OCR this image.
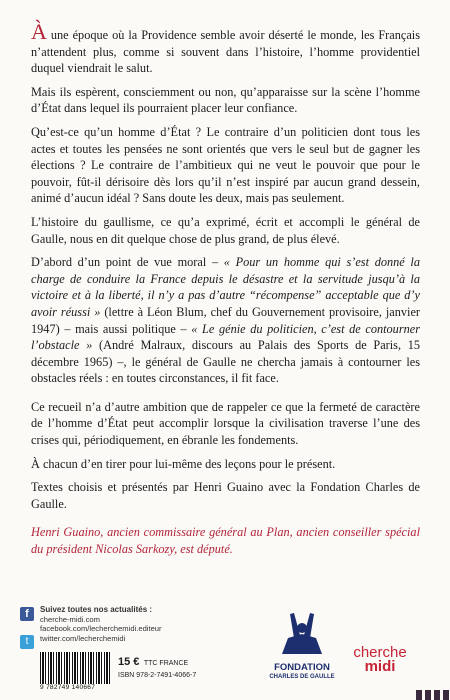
À une époque où la Providence semble avoir déserté le monde, les Français n’attendent plus, comme si souvent dans l’histoire, l’homme providentiel duquel viendrait le salut.

Mais ils espèrent, consciemment ou non, qu’apparaisse sur la scène l’homme d’État dans lequel ils pourraient placer leur confiance.

Qu’est-ce qu’un homme d’État ? Le contraire d’un politicien dont tous les actes et toutes les pensées ne sont orientés que vers le seul but de gagner les élections ? Le contraire de l’ambitieux qui ne veut le pouvoir que pour le pouvoir, fût-il dérisoire dès lors qu’il n’est inspiré par aucun grand dessein, animé d’aucun idéal ? Sans doute les deux, mais pas seulement.

L’histoire du gaullisme, ce qu’a exprimé, écrit et accompli le général de Gaulle, nous en dit quelque chose de plus grand, de plus élevé.

D’abord d’un point de vue moral – « Pour un homme qui s’est donné la charge de conduire la France depuis le désastre et la servitude jusqu’à la victoire et à la liberté, il n’y a pas d’autre “récompense” acceptable que d’y avoir réussi » (lettre à Léon Blum, chef du Gouvernement provisoire, janvier 1947) – mais aussi politique – « Le génie du politicien, c’est de contourner l’obstacle » (André Malraux, discours au Palais des Sports de Paris, 15 décembre 1965) –, le général de Gaulle ne chercha jamais à contourner les obstacles réels : en toutes circonstances, il fit face.

Ce recueil n’a d’autre ambition que de rappeler ce que la fermeté de caractère de l’homme d’État peut accomplir lorsque la civilisation traverse l’une des crises qui, périodiquement, en ébranle les fondements.

À chacun d’en tirer pour lui-même des leçons pour le présent.

Textes choisis et présentés par Henri Guaino avec la Fondation Charles de Gaulle.

Henri Guaino, ancien commissaire général au Plan, ancien conseiller spécial du président Nicolas Sarkozy, est député.

f
t
Suivez toutes nos actualités :
cherche-midi.com
facebook.com/lecherchemidi.editeur
twitter.com/lecherchemidi
9 782749 140667
15 € TTC FRANCE
ISBN 978-2-7491-4066-7
FONDATION
CHARLES DE GAULLE
cherche
midi
